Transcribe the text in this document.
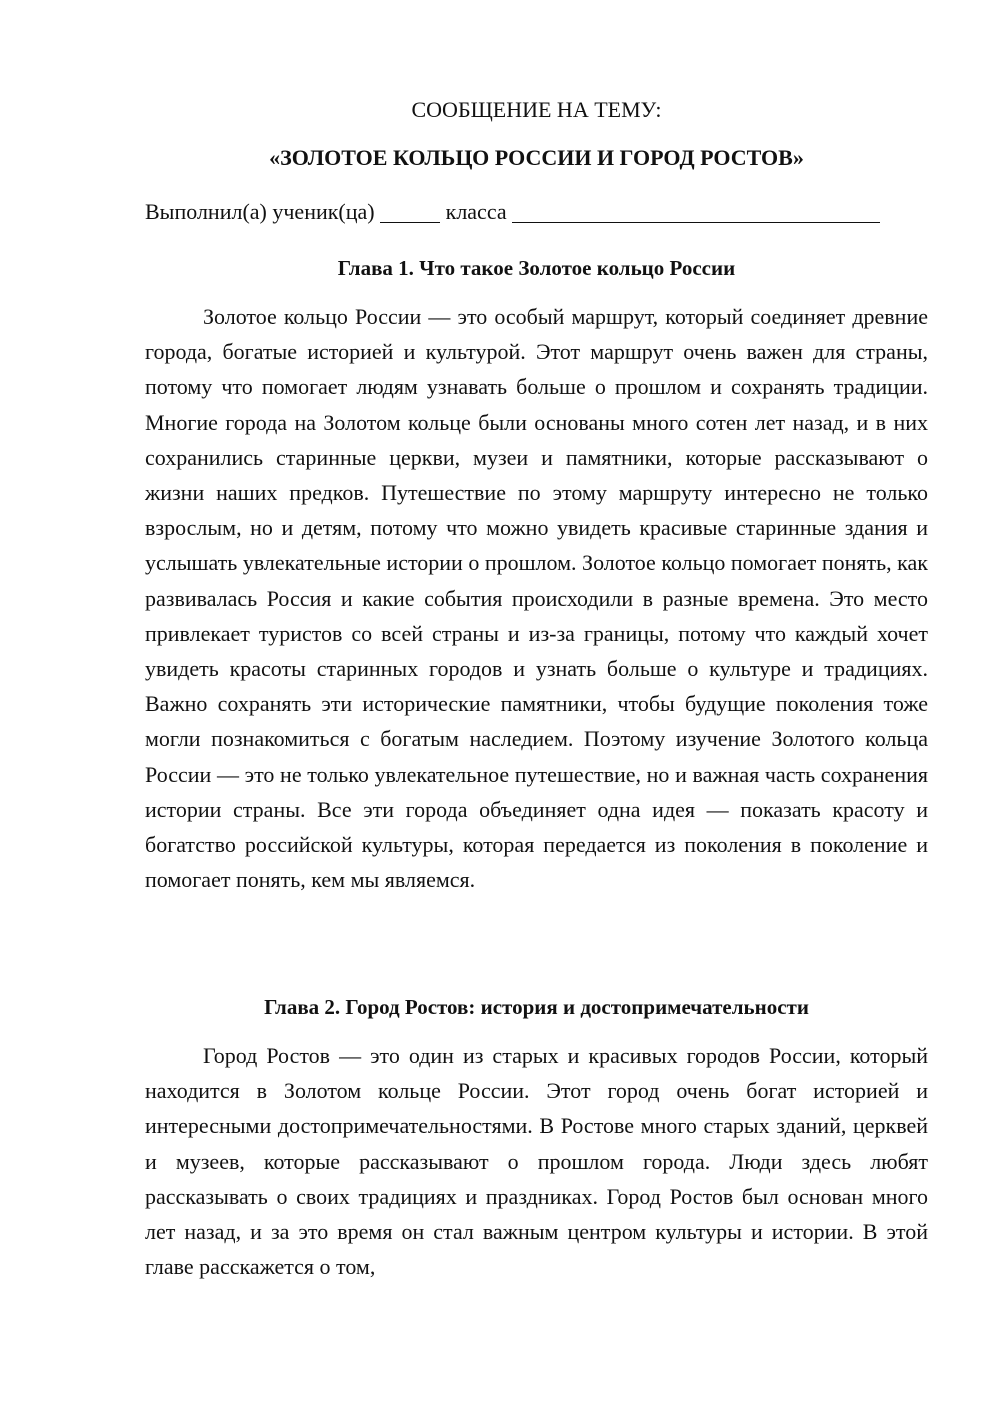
СООБЩЕНИЕ НА ТЕМУ:

«ЗОЛОТОЕ КОЛЬЦО РОССИИ И ГОРОД РОСТОВ»

Выполнил(а) ученик(ца)	класса
Глава 1. Что такое Золотое кольцо России

Золотое кольцо России — это особый маршрут, который соединяет древние города, богатые историей и культурой. Этот маршрут очень важен для страны, потому что помогает людям узнавать больше о прошлом и сохранять традиции. Многие города на Золотом кольце были основаны много сотен лет назад, и в них сохранились старинные церкви, музеи и памятники, которые рассказывают о жизни наших предков. Путешествие по этому маршруту интересно не только взрослым, но и детям, потому что можно увидеть красивые старинные здания и услышать увлекательные истории о прошлом. Золотое кольцо помогает понять, как развивалась Россия и какие события происходили в разные времена. Это место привлекает туристов со всей страны и из-за границы, потому что каждый хочет увидеть красоты старинных городов и узнать больше о культуре и традициях. Важно сохранять эти исторические памятники, чтобы будущие поколения тоже могли познакомиться с богатым наследием. Поэтому изучение Золотого кольца России — это не только увлекательное путешествие, но и важная часть сохранения истории страны. Все эти города объединяет одна идея — показать красоту и богатство российской культуры, которая передается из поколения в поколение и помогает понять, кем мы являемся.

Глава 2. Город Ростов: история и достопримечательности

Город Ростов — это один из старых и красивых городов России, который находится в Золотом кольце России. Этот город очень богат историей и интересными достопримечательностями. В Ростове много старых зданий, церквей и музеев, которые рассказывают о прошлом города. Люди здесь любят рассказывать о своих традициях и праздниках. Город Ростов был основан много лет назад, и за это время он стал важным центром культуры и истории. В этой главе расскажется о том,
